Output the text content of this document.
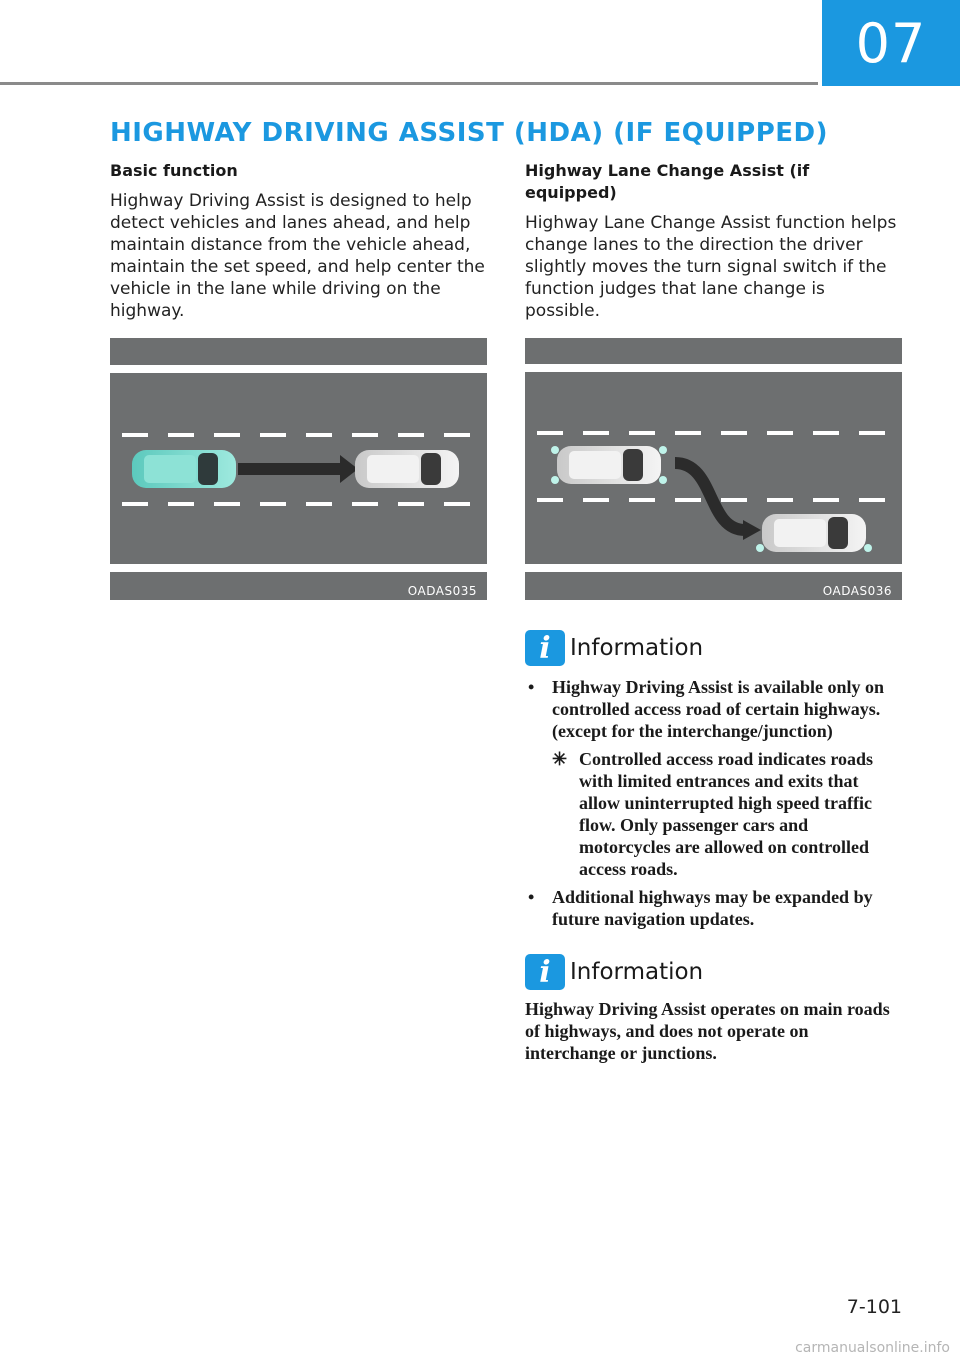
07
HIGHWAY DRIVING ASSIST (HDA) (IF EQUIPPED)

Basic function

Highway Driving Assist is designed to help detect vehicles and lanes ahead, and help maintain distance from the vehicle ahead, maintain the set speed, and help center the vehicle in the lane while driving on the highway.

OADAS035

Highway Lane Change Assist (if equipped)

Highway Lane Change Assist function helps change lanes to the direction the driver slightly moves the turn signal switch if the function judges that lane change is possible.

OADAS036
i Information
• Highway Driving Assist is available only on controlled access road of certain highways. (except for the interchange/junction)
✳ Controlled access road indicates roads with limited entrances and exits that allow uninterrupted high speed traffic flow. Only passenger cars and motorcycles are allowed on controlled access roads.
• Additional highways may be expanded by future navigation updates.
i Information

Highway Driving Assist operates on main roads of highways, and does not operate on interchange or junctions.

7-101
carmanualsonline.info
